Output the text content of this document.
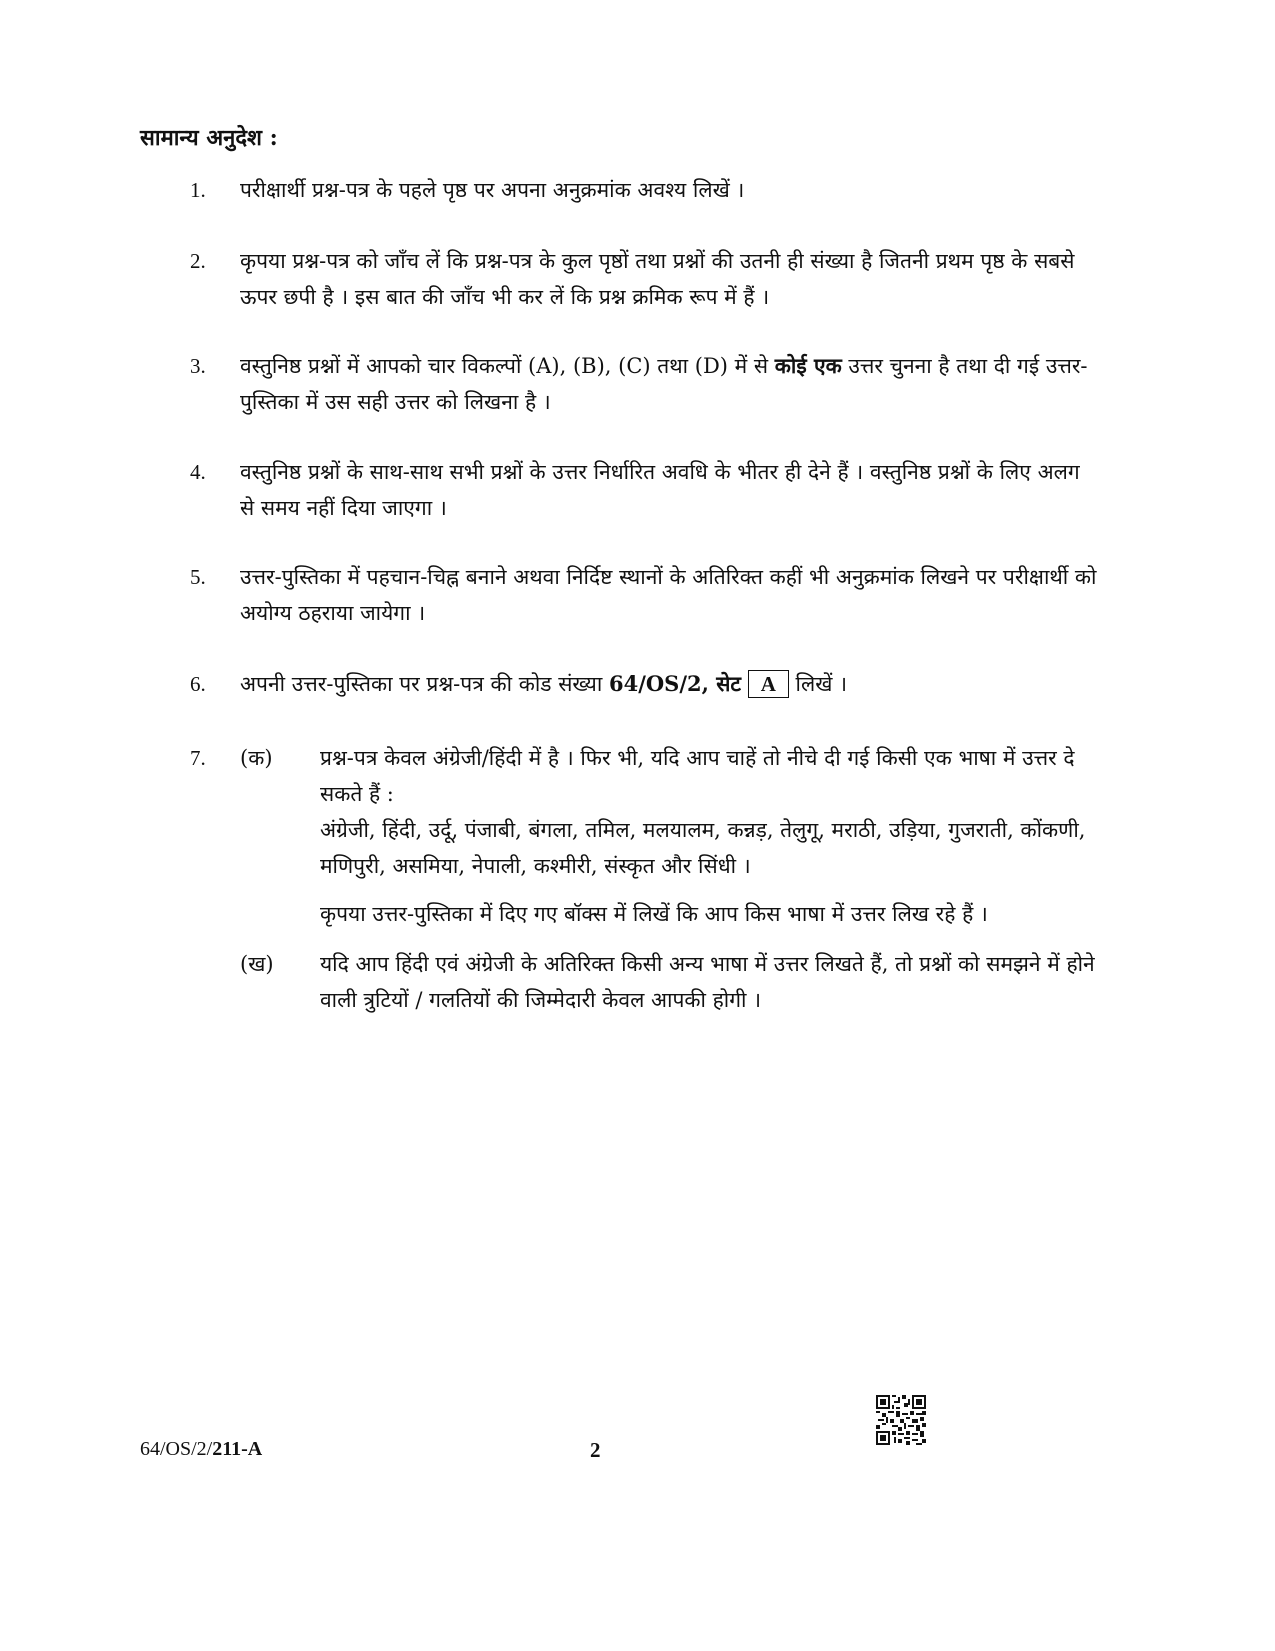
सामान्य अनुदेश :
1.	परीक्षार्थी प्रश्न-पत्र के पहले पृष्ठ पर अपना अनुक्रमांक अवश्य लिखें ।
2.	कृपया प्रश्न-पत्र को जाँच लें कि प्रश्न-पत्र के कुल पृष्ठों तथा प्रश्नों की उतनी ही संख्या है जितनी प्रथम पृष्ठ के सबसे ऊपर छपी है । इस बात की जाँच भी कर लें कि प्रश्न क्रमिक रूप में हैं ।
3.	वस्तुनिष्ठ प्रश्नों में आपको चार विकल्पों (A), (B), (C) तथा (D) में से कोई एक उत्तर चुनना है तथा दी गई उत्तर-पुस्तिका में उस सही उत्तर को लिखना है ।
4.	वस्तुनिष्ठ प्रश्नों के साथ-साथ सभी प्रश्नों के उत्तर निर्धारित अवधि के भीतर ही देने हैं । वस्तुनिष्ठ प्रश्नों के लिए अलग से समय नहीं दिया जाएगा ।
5.	उत्तर-पुस्तिका में पहचान-चिह्न बनाने अथवा निर्दिष्ट स्थानों के अतिरिक्त कहीं भी अनुक्रमांक लिखने पर परीक्षार्थी को अयोग्य ठहराया जायेगा ।
6.	अपनी उत्तर-पुस्तिका पर प्रश्न-पत्र की कोड संख्या 64/OS/2, सेट A लिखें ।
7.	(क)	प्रश्न-पत्र केवल अंग्रेजी/हिंदी में है । फिर भी, यदि आप चाहें तो नीचे दी गई किसी एक भाषा में उत्तर दे सकते हैं :

अंग्रेजी, हिंदी, उर्दू, पंजाबी, बंगला, तमिल, मलयालम, कन्नड़, तेलुगू, मराठी, उड़िया, गुजराती, कोंकणी, मणिपुरी, असमिया, नेपाली, कश्मीरी, संस्कृत और सिंधी ।

कृपया उत्तर-पुस्तिका में दिए गए बॉक्स में लिखें कि आप किस भाषा में उत्तर लिख रहे हैं ।

(ख)	यदि आप हिंदी एवं अंग्रेजी के अतिरिक्त किसी अन्य भाषा में उत्तर लिखते हैं, तो प्रश्नों को समझने में होने वाली त्रुटियों / गलतियों की जिम्मेदारी केवल आपकी होगी ।

64/OS/2/211-A	2
